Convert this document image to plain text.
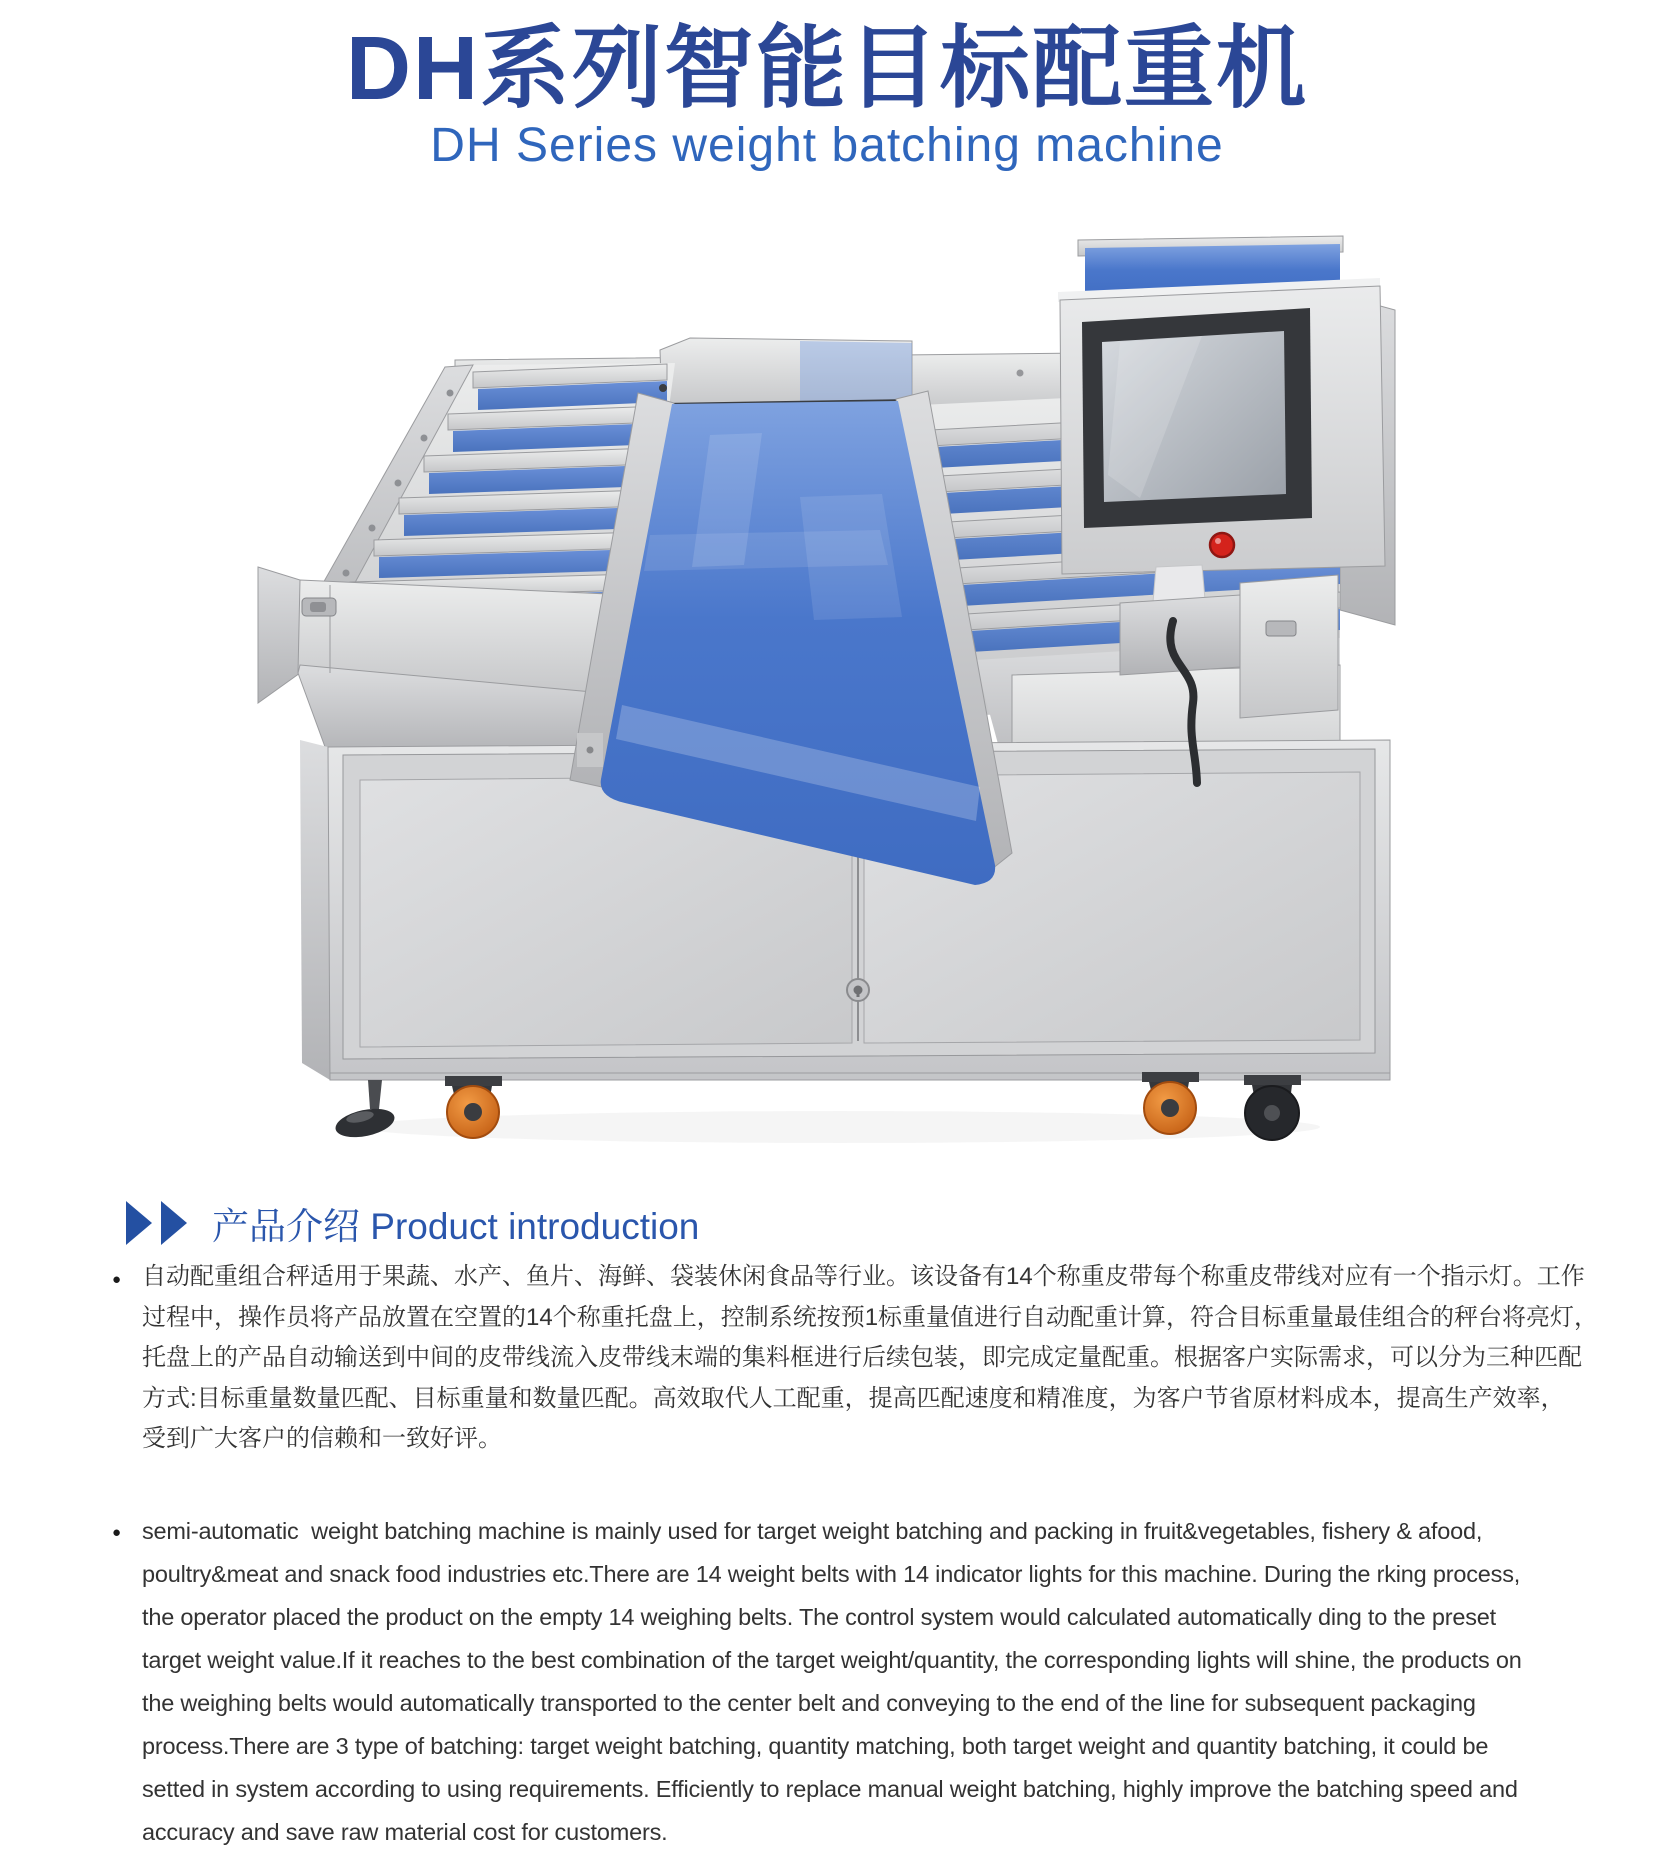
DH系列智能目标配重机
DH Series weight batching machine
产品介绍 Product introduction
● 自动配重组合秤适用于果蔬、水产、鱼片、海鲜、袋装休闲食品等行业。该设备有14个称重皮带每个称重皮带线对应有一个指示灯。工作
过程中，操作员将产品放置在空置的14个称重托盘上，控制系统按预1标重量值进行自动配重计算，符合目标重量最佳组合的秤台将亮灯，
托盘上的产品自动输送到中间的皮带线流入皮带线末端的集料框进行后续包装，即完成定量配重。根据客户实际需求，可以分为三种匹配
方式:目标重量数量匹配、目标重量和数量匹配。高效取代人工配重，提高匹配速度和精准度，为客户节省原材料成本，提高生产效率，
受到广大客户的信赖和一致好评。
● semi-automatic  weight batching machine is mainly used for target weight batching and packing in fruit&vegetables, fishery & afood,
poultry&meat and snack food industries etc.There are 14 weight belts with 14 indicator lights for this machine. During the rking process,
the operator placed the product on the empty 14 weighing belts. The control system would calculated automatically ding to the preset
target weight value.If it reaches to the best combination of the target weight/quantity, the corresponding lights will shine, the products on
the weighing belts would automatically transported to the center belt and conveying to the end of the line for subsequent packaging
process.There are 3 type of batching: target weight batching, quantity matching, both target weight and quantity batching, it could be
setted in system according to using requirements. Efficiently to replace manual weight batching, highly improve the batching speed and
accuracy and save raw material cost for customers.
